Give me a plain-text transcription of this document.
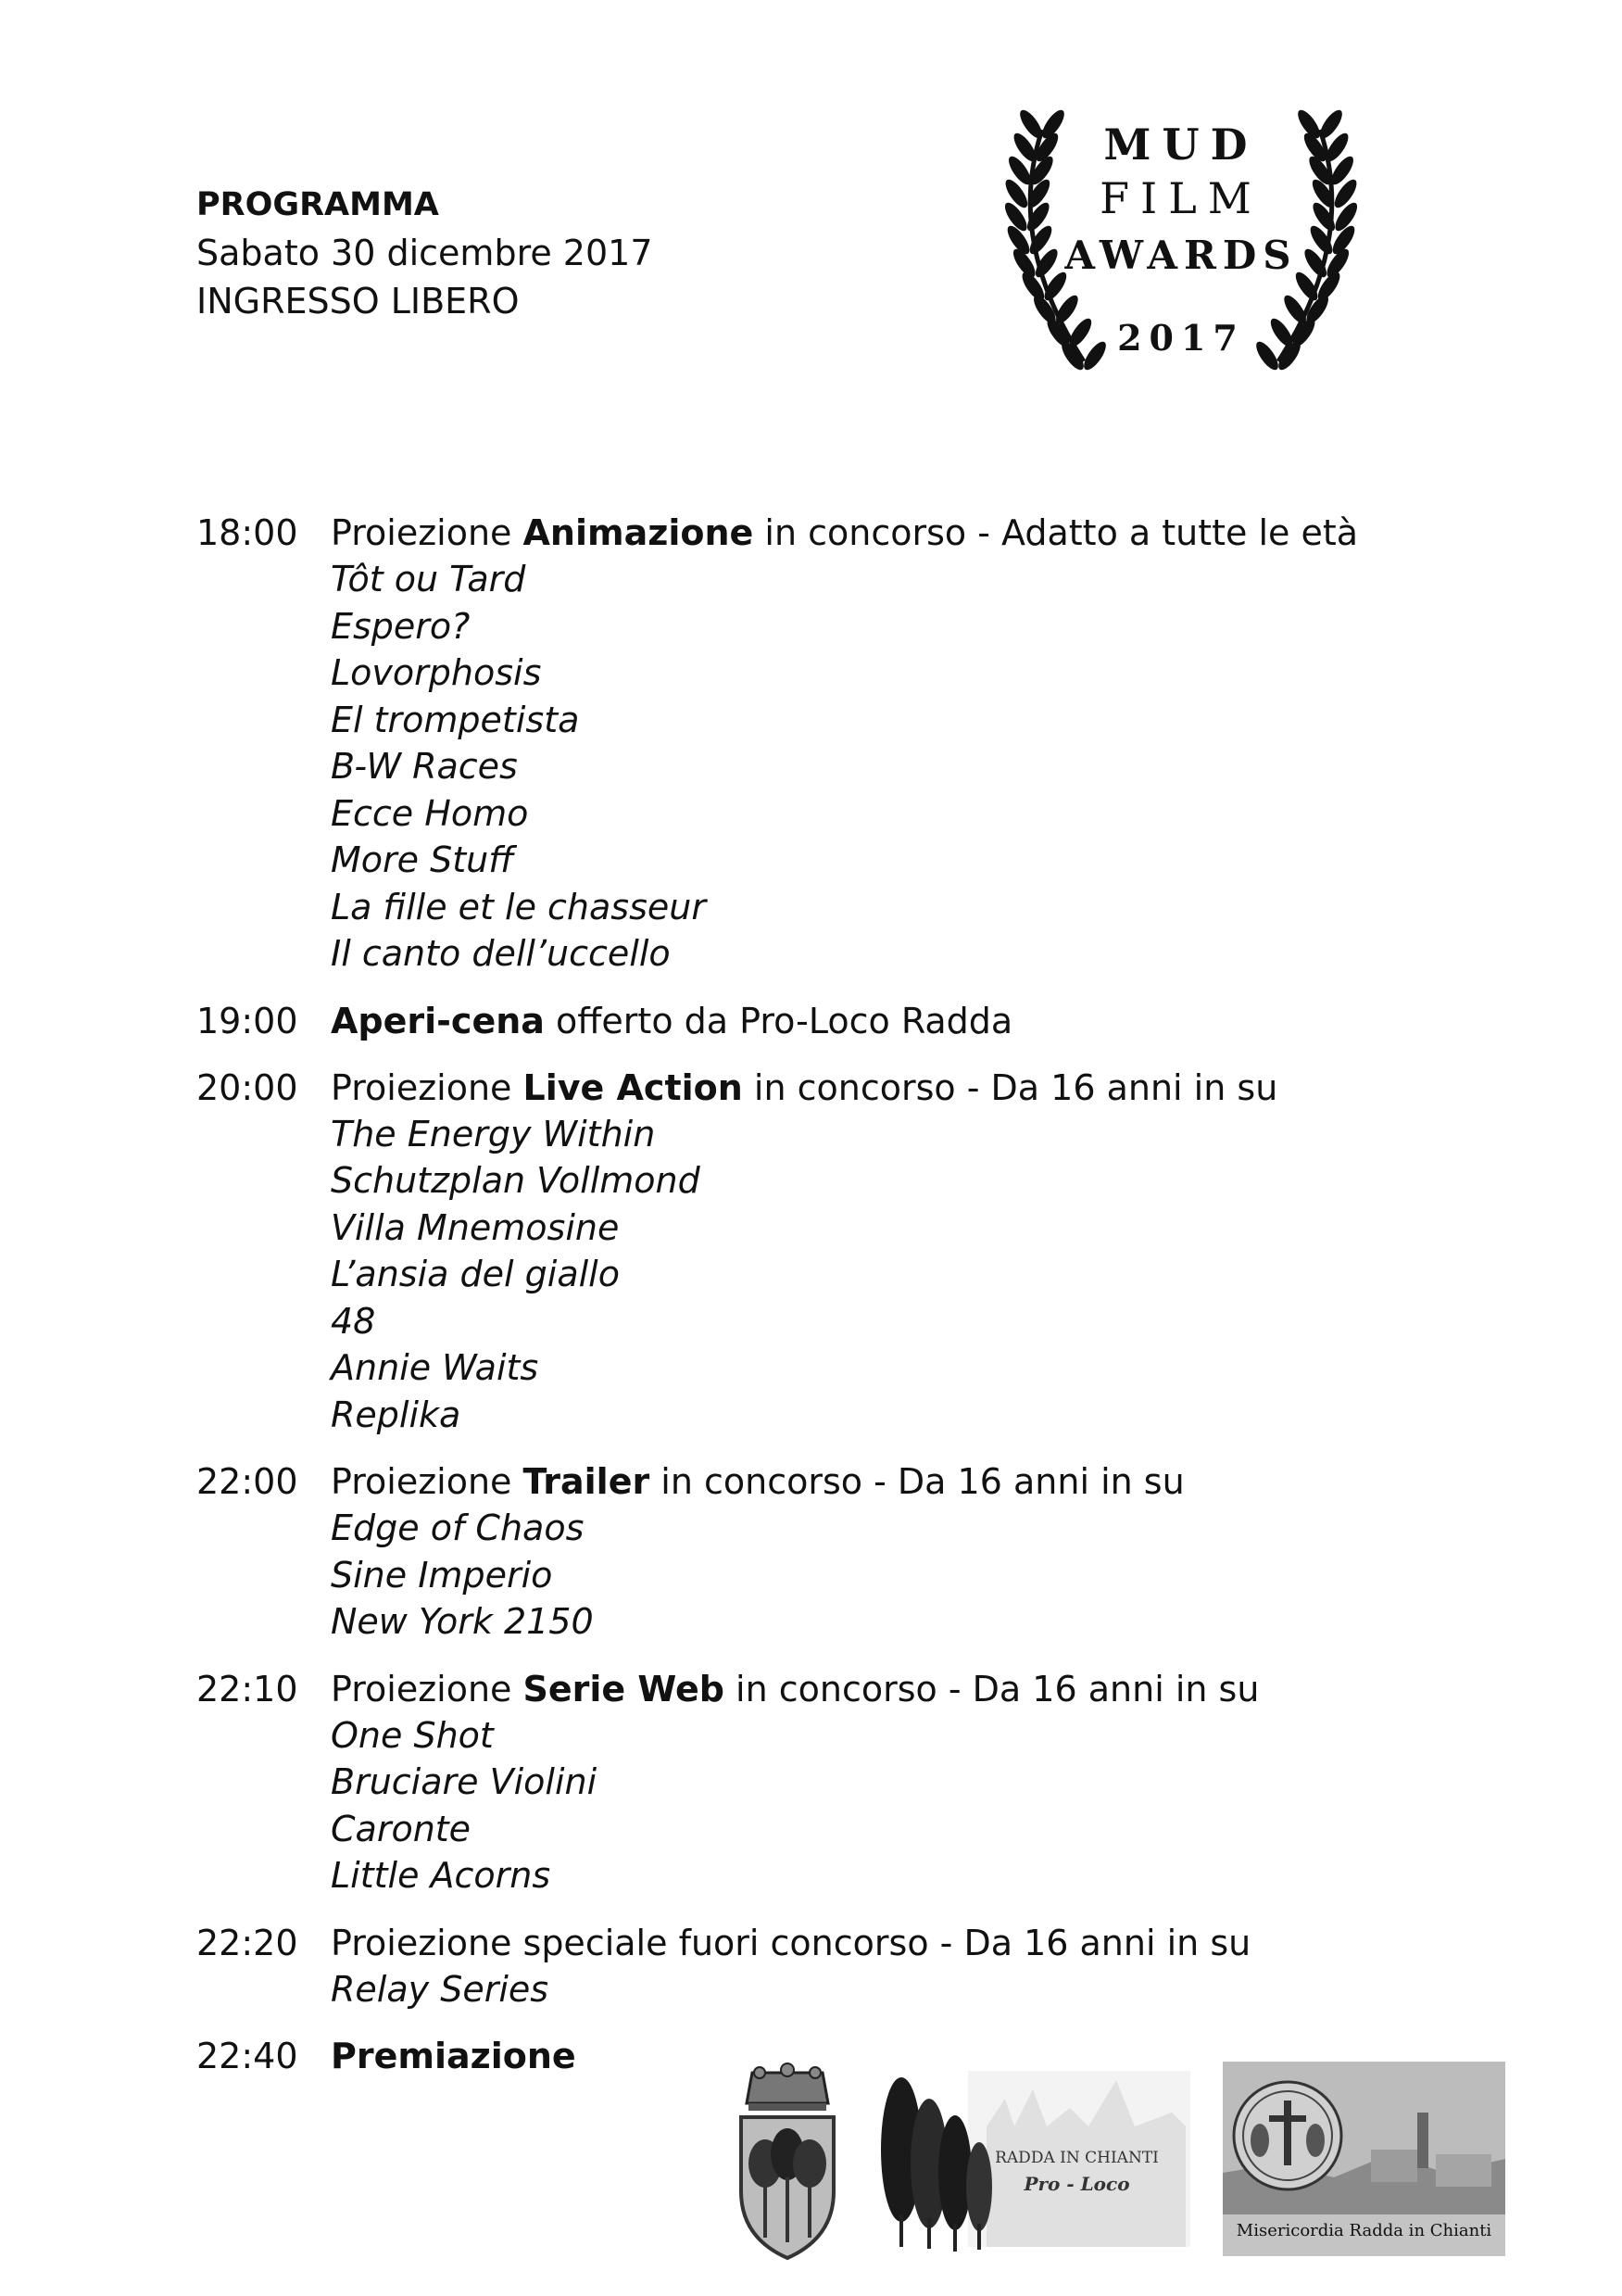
PROGRAMMA
Sabato 30 dicembre 2017
INGRESSO LIBERO
MUD
FILM
AWARDS
2017
18:00 Proiezione Animazione in concorso - Adatto a tutte le età
Tôt ou Tard
Espero?
Lovorphosis
El trompetista
B-W Races
Ecce Homo
More Stuff
La fille et le chasseur
Il canto dell’uccello
19:00 Aperi-cena offerto da Pro-Loco Radda
20:00 Proiezione Live Action in concorso - Da 16 anni in su
The Energy Within
Schutzplan Vollmond
Villa Mnemosine
L’ansia del giallo
48
Annie Waits
Replika
22:00 Proiezione Trailer in concorso - Da 16 anni in su
Edge of Chaos
Sine Imperio
New York 2150
22:10 Proiezione Serie Web in concorso - Da 16 anni in su
One Shot
Bruciare Violini
Caronte
Little Acorns
22:20 Proiezione speciale fuori concorso - Da 16 anni in su
Relay Series
22:40 Premiazione
RADDA IN CHIANTI
Pro - Loco
Misericordia Radda in Chianti
